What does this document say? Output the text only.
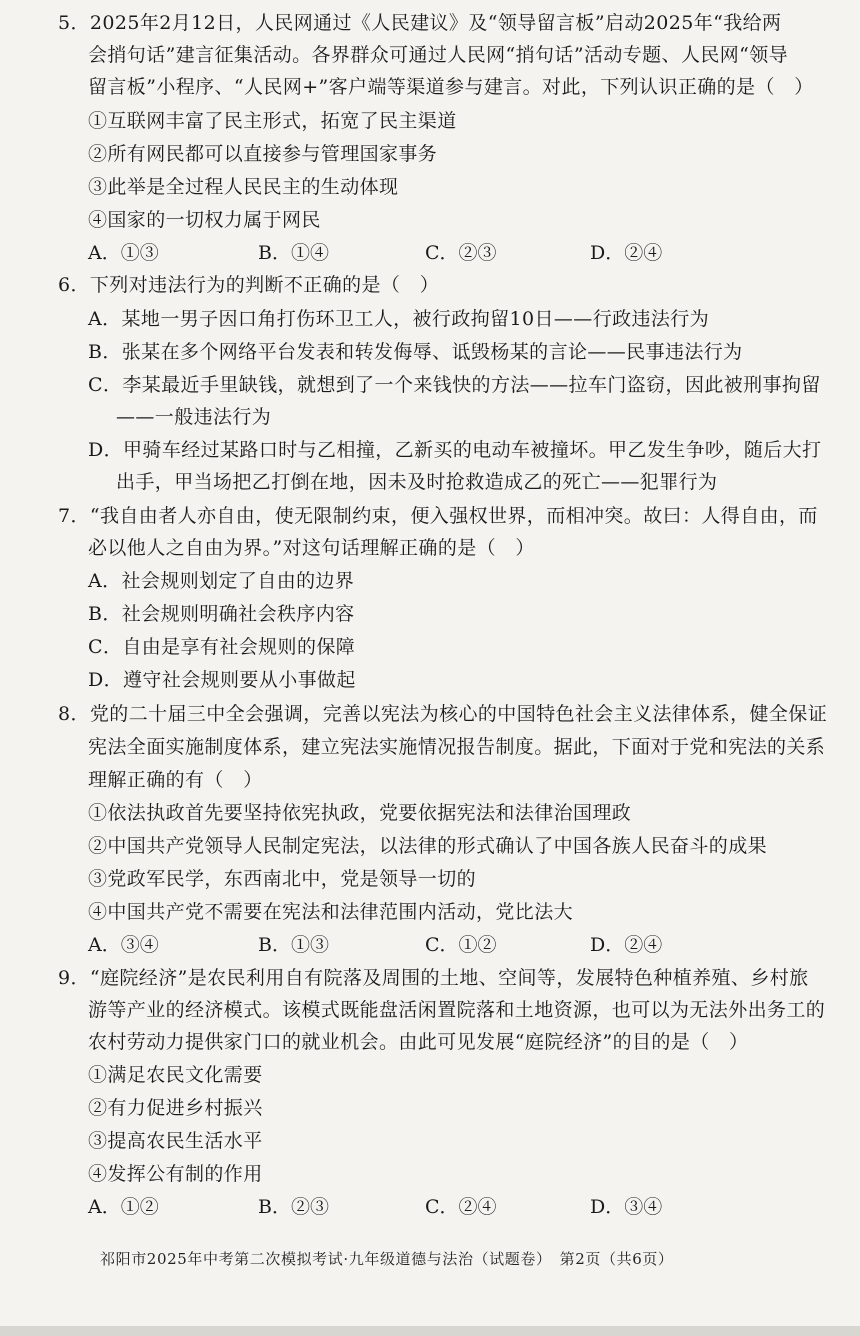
5．2025年2月12日，人民网通过《人民建议》及“领导留言板”启动2025年“我给两
会捎句话”建言征集活动。各界群众可通过人民网“捎句话”活动专题、人民网“领导
留言板”小程序、“人民网+”客户端等渠道参与建言。对此，下列认识正确的是（　）
①互联网丰富了民主形式，拓宽了民主渠道
②所有网民都可以直接参与管理国家事务
③此举是全过程人民民主的生动体现
④国家的一切权力属于网民
A．①③	B．①④	C．②③	D．②④
6．下列对违法行为的判断不正确的是（　）
A．某地一男子因口角打伤环卫工人，被行政拘留10日——行政违法行为
B．张某在多个网络平台发表和转发侮辱、诋毁杨某的言论——民事违法行为
C．李某最近手里缺钱，就想到了一个来钱快的方法——拉车门盗窃，因此被刑事拘留
——一般违法行为
D．甲骑车经过某路口时与乙相撞，乙新买的电动车被撞坏。甲乙发生争吵，随后大打
出手，甲当场把乙打倒在地，因未及时抢救造成乙的死亡——犯罪行为
7．“我自由者人亦自由，使无限制约束，便入强权世界，而相冲突。故曰：人得自由，而
必以他人之自由为界。”对这句话理解正确的是（　）
A．社会规则划定了自由的边界
B．社会规则明确社会秩序内容
C．自由是享有社会规则的保障
D．遵守社会规则要从小事做起
8．党的二十届三中全会强调，完善以宪法为核心的中国特色社会主义法律体系，健全保证
宪法全面实施制度体系，建立宪法实施情况报告制度。据此，下面对于党和宪法的关系
理解正确的有（　）
①依法执政首先要坚持依宪执政，党要依据宪法和法律治国理政
②中国共产党领导人民制定宪法，以法律的形式确认了中国各族人民奋斗的成果
③党政军民学，东西南北中，党是领导一切的
④中国共产党不需要在宪法和法律范围内活动，党比法大
A．③④	B．①③	C．①②	D．②④
9．“庭院经济”是农民利用自有院落及周围的土地、空间等，发展特色种植养殖、乡村旅
游等产业的经济模式。该模式既能盘活闲置院落和土地资源，也可以为无法外出务工的
农村劳动力提供家门口的就业机会。由此可见发展“庭院经济”的目的是（　）
①满足农民文化需要
②有力促进乡村振兴
③提高农民生活水平
④发挥公有制的作用
A．①②	B．②③	C．②④	D．③④
祁阳市2025年中考第二次模拟考试·九年级道德与法治（试题卷）　第2页（共6页）
